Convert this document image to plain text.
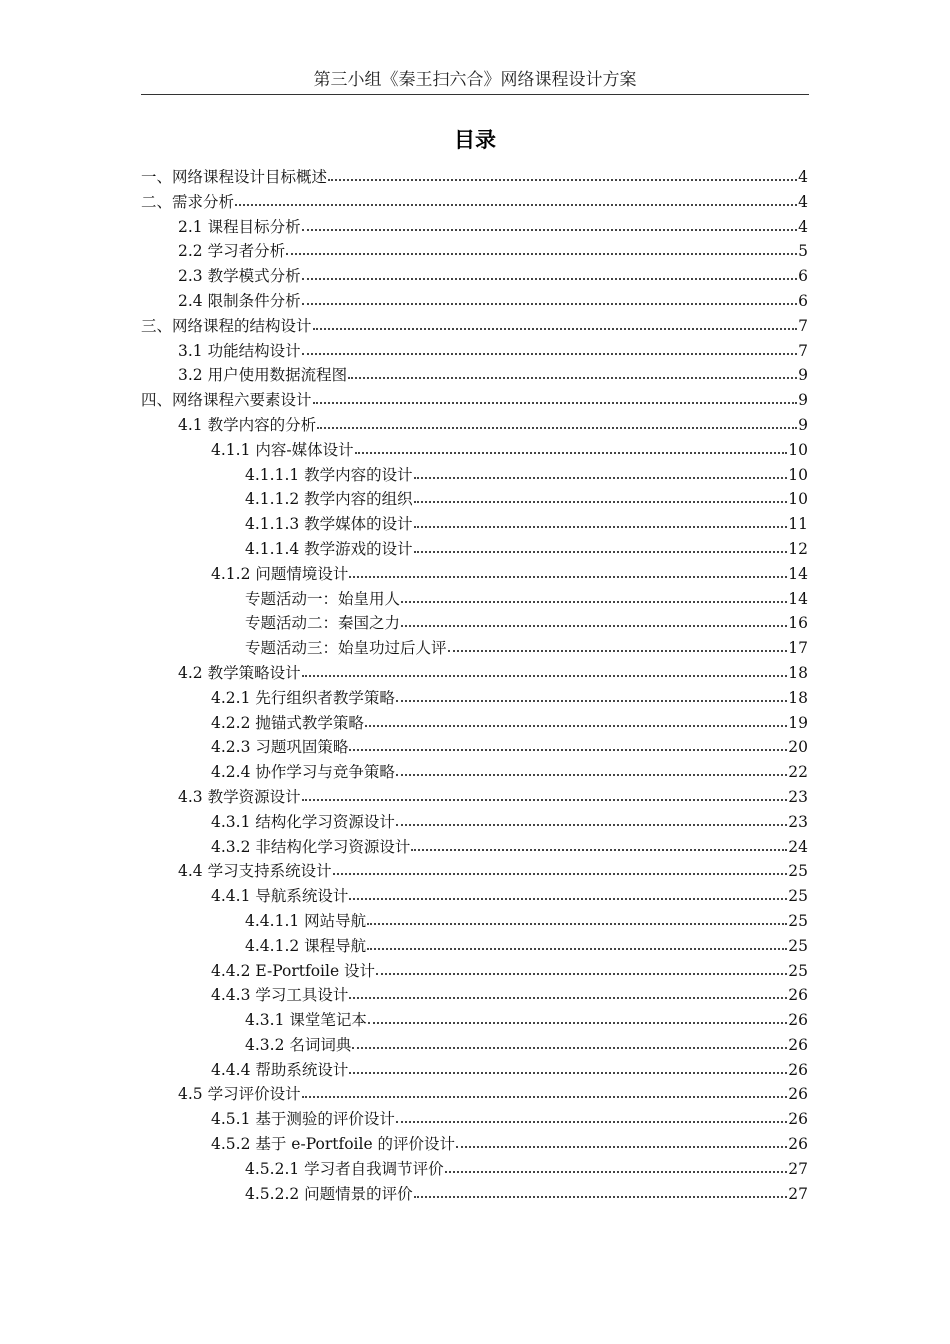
第三小组《秦王扫六合》网络课程设计方案
目录
一、网络课程设计目标概述	4
二、需求分析	4
2.1 课程目标分析	4
2.2 学习者分析	5
2.3 教学模式分析	6
2.4 限制条件分析	6
三、网络课程的结构设计	7
3.1 功能结构设计	7
3.2 用户使用数据流程图	9
四、网络课程六要素设计	9
4.1 教学内容的分析	9
4.1.1 内容-媒体设计	10
4.1.1.1 教学内容的设计	10
4.1.1.2 教学内容的组织	10
4.1.1.3 教学媒体的设计	11
4.1.1.4 教学游戏的设计	12
4.1.2 问题情境设计	14
专题活动一：始皇用人	14
专题活动二：秦国之力	16
专题活动三：始皇功过后人评	17
4.2 教学策略设计	18
4.2.1 先行组织者教学策略	18
4.2.2 抛锚式教学策略	19
4.2.3 习题巩固策略	20
4.2.4 协作学习与竞争策略	22
4.3 教学资源设计	23
4.3.1 结构化学习资源设计	23
4.3.2 非结构化学习资源设计	24
4.4 学习支持系统设计	25
4.4.1 导航系统设计	25
4.4.1.1 网站导航	25
4.4.1.2 课程导航	25
4.4.2 E-Portfoile 设计	25
4.4.3 学习工具设计	26
4.3.1 课堂笔记本	26
4.3.2 名词词典	26
4.4.4 帮助系统设计	26
4.5 学习评价设计	26
4.5.1 基于测验的评价设计	26
4.5.2 基于 e-Portfoile 的评价设计	26
4.5.2.1 学习者自我调节评价	27
4.5.2.2 问题情景的评价	27
